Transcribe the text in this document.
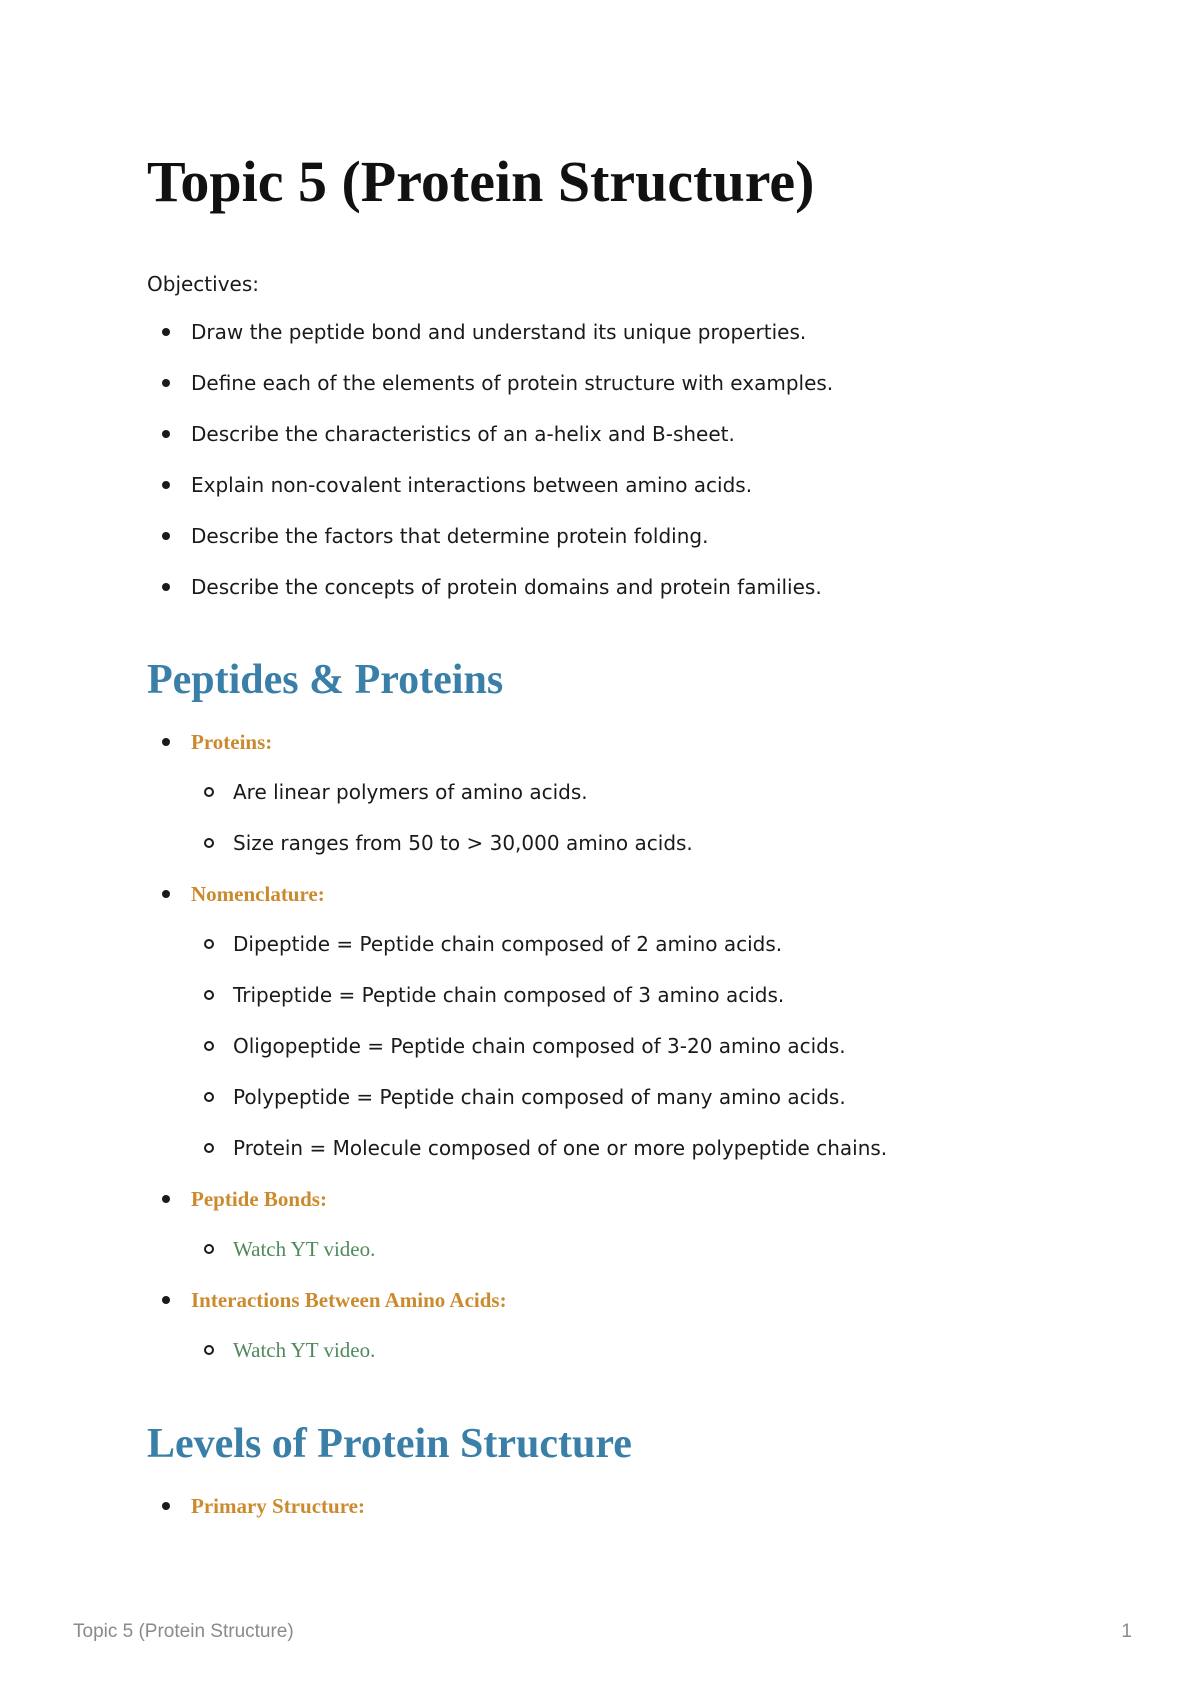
Topic 5 (Protein Structure)
Objectives:
Draw the peptide bond and understand its unique properties.
Define each of the elements of protein structure with examples.
Describe the characteristics of an a-helix and B-sheet.
Explain non-covalent interactions between amino acids.
Describe the factors that determine protein folding.
Describe the concepts of protein domains and protein families.
Peptides & Proteins
Proteins:
Are linear polymers of amino acids.
Size ranges from 50 to > 30,000 amino acids.
Nomenclature:
Dipeptide = Peptide chain composed of 2 amino acids.
Tripeptide = Peptide chain composed of 3 amino acids.
Oligopeptide = Peptide chain composed of 3-20 amino acids.
Polypeptide = Peptide chain composed of many amino acids.
Protein = Molecule composed of one or more polypeptide chains.
Peptide Bonds:
Watch YT video.
Interactions Between Amino Acids:
Watch YT video.
Levels of Protein Structure
Primary Structure:
Topic 5 (Protein Structure)	1
